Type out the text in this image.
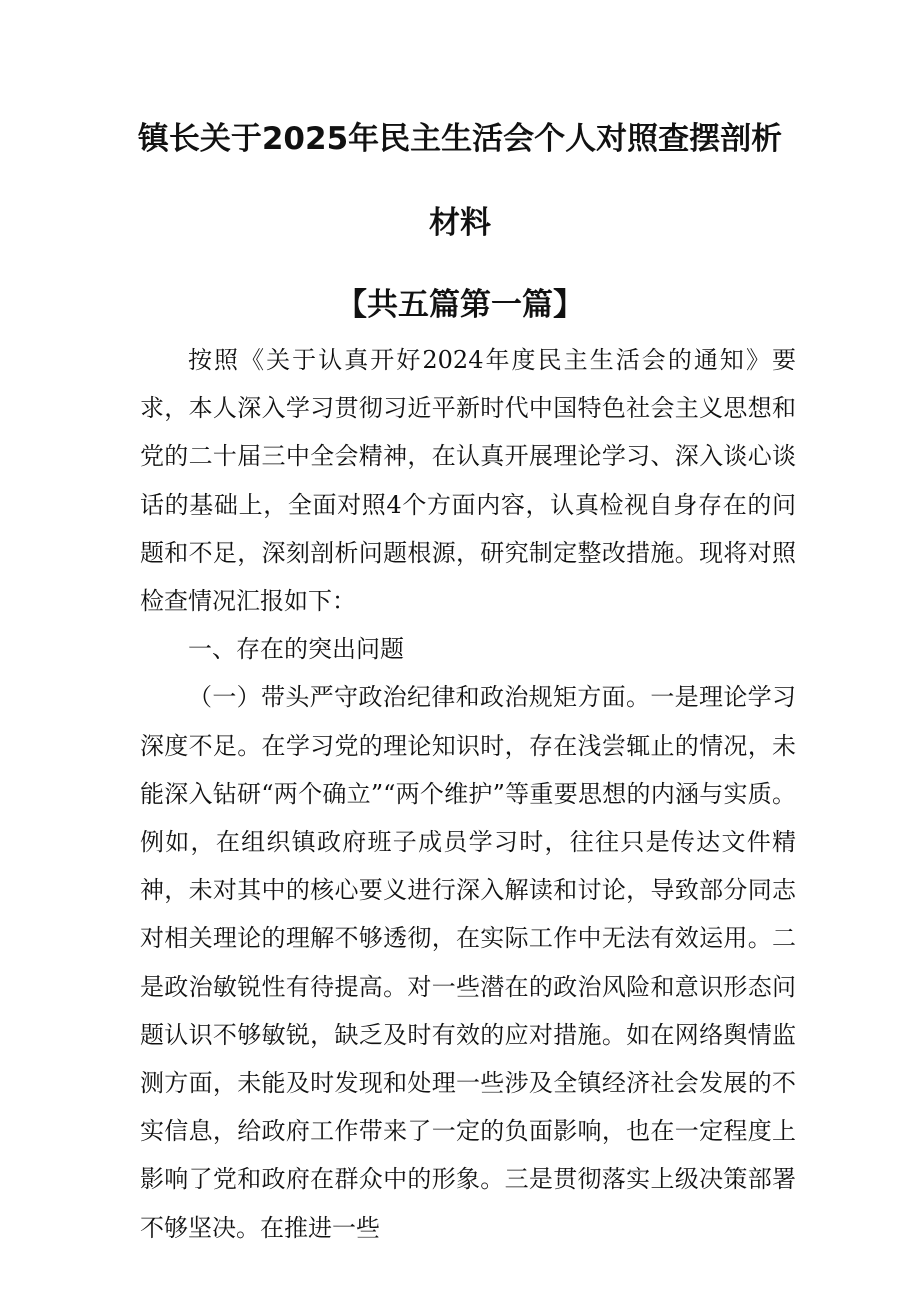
镇长关于2025年民主生活会个人对照查摆剖析
材料
【共五篇第一篇】

按照《关于认真开好2024年度民主生活会的通知》要求，本人深入学习贯彻习近平新时代中国特色社会主义思想和党的二十届三中全会精神，在认真开展理论学习、深入谈心谈话的基础上，全面对照4个方面内容，认真检视自身存在的问题和不足，深刻剖析问题根源，研究制定整改措施。现将对照检查情况汇报如下：

一、存在的突出问题

（一）带头严守政治纪律和政治规矩方面。一是理论学习深度不足。在学习党的理论知识时，存在浅尝辄止的情况，未能深入钻研“两个确立”“两个维护”等重要思想的内涵与实质。例如，在组织镇政府班子成员学习时，往往只是传达文件精神，未对其中的核心要义进行深入解读和讨论，导致部分同志对相关理论的理解不够透彻，在实际工作中无法有效运用。二是政治敏锐性有待提高。对一些潜在的政治风险和意识形态问题认识不够敏锐，缺乏及时有效的应对措施。如在网络舆情监测方面，未能及时发现和处理一些涉及全镇经济社会发展的不实信息，给政府工作带来了一定的负面影响，也在一定程度上影响了党和政府在群众中的形象。三是贯彻落实上级决策部署不够坚决。在推进一些
